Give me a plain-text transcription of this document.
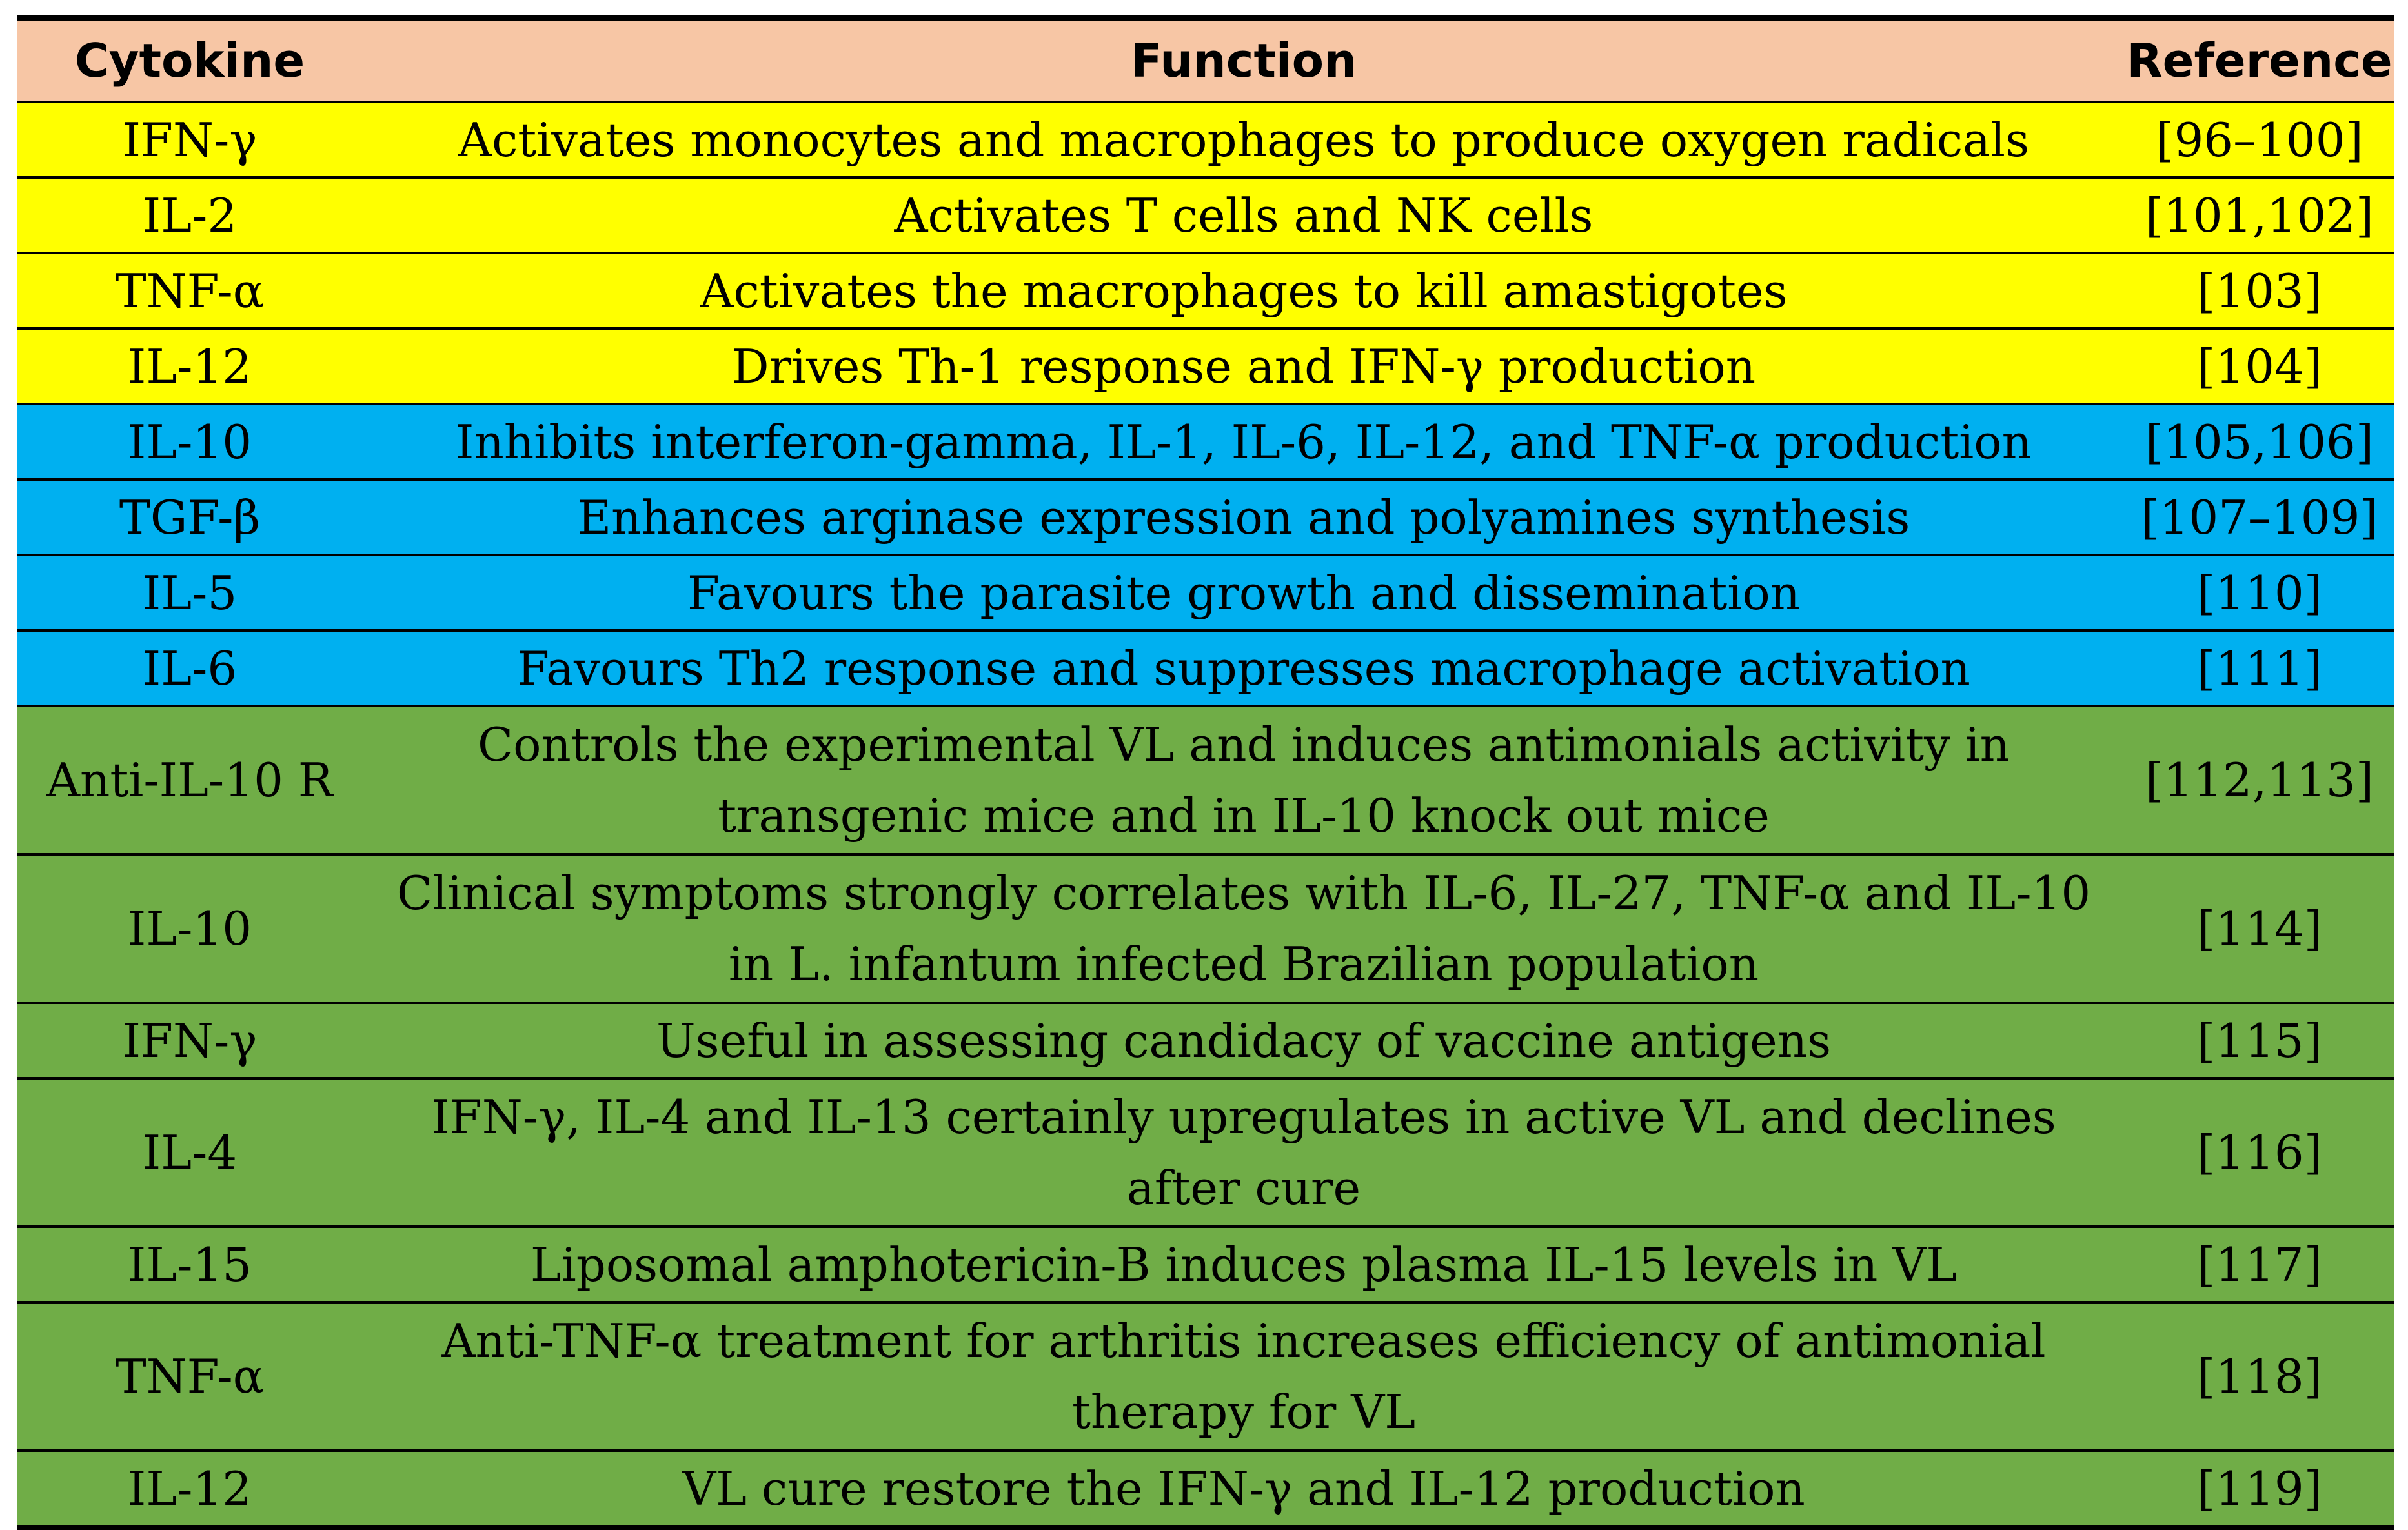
Cytokine	Function	Reference
IFN-γ	Activates monocytes and macrophages to produce oxygen radicals	[96–100]
IL-2	Activates T cells and NK cells	[101,102]
TNF-α	Activates the macrophages to kill amastigotes	[103]
IL-12	Drives Th-1 response and IFN-γ production	[104]
IL-10	Inhibits interferon-gamma, IL-1, IL-6, IL-12, and TNF-α production	[105,106]
TGF-β	Enhances arginase expression and polyamines synthesis	[107–109]
IL-5	Favours the parasite growth and dissemination	[110]
IL-6	Favours Th2 response and suppresses macrophage activation	[111]
Anti-IL-10 R	Controls the experimental VL and induces antimonials activity in transgenic mice and in IL-10 knock out mice	[112,113]
IL-10	Clinical symptoms strongly correlates with IL-6, IL-27, TNF-α and IL-10 in L. infantum infected Brazilian population	[114]
IFN-γ	Useful in assessing candidacy of vaccine antigens	[115]
IL-4	IFN-γ, IL-4 and IL-13 certainly upregulates in active VL and declines after cure	[116]
IL-15	Liposomal amphotericin-B induces plasma IL-15 levels in VL	[117]
TNF-α	Anti-TNF-α treatment for arthritis increases efficiency of antimonial therapy for VL	[118]
IL-12	VL cure restore the IFN-γ and IL-12 production	[119]
